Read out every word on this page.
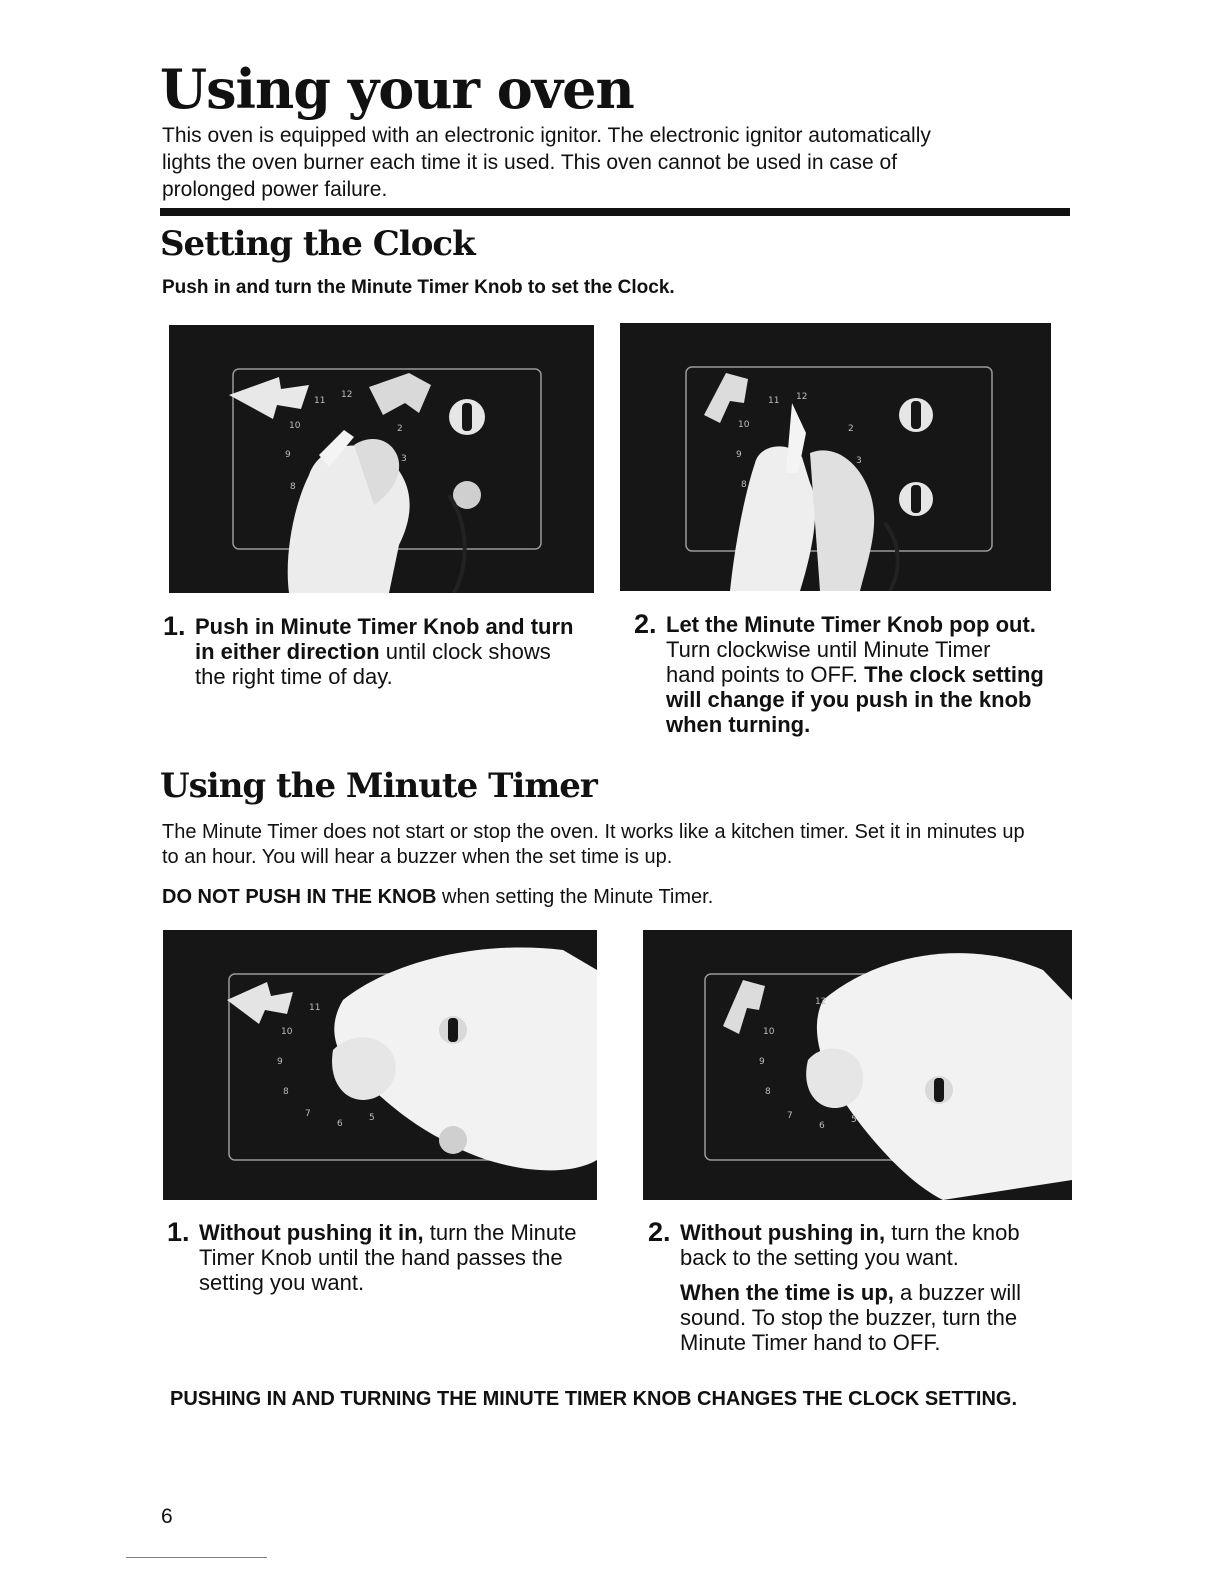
Using your oven
This oven is equipped with an electronic ignitor. The electronic ignitor automatically lights the oven burner each time it is used. This oven cannot be used in case of prolonged power failure.
Setting the Clock
Push in and turn the Minute Timer Knob to set the Clock.
11
12
10	2
9	3
8
11 12
10	2
9
3
8
1. Push in Minute Timer Knob and turn in either direction until clock shows the right time of day.
2. Let the Minute Timer Knob pop out. Turn clockwise until Minute Timer hand points to OFF. The clock setting will change if you push in the knob when turning.
Using the Minute Timer
The Minute Timer does not start or stop the oven. It works like a kitchen timer. Set it in minutes up to an hour. You will hear a buzzer when the set time is up.
DO NOT PUSH IN THE KNOB when setting the Minute Timer.
11
10
9
8
7
6
5
12
10
9
8
7
6
5
1. Without pushing it in, turn the Minute Timer Knob until the hand passes the setting you want.
2. Without pushing in, turn the knob back to the setting you want.
When the time is up, a buzzer will sound. To stop the buzzer, turn the Minute Timer hand to OFF.
PUSHING IN AND TURNING THE MINUTE TIMER KNOB CHANGES THE CLOCK SETTING.
6
